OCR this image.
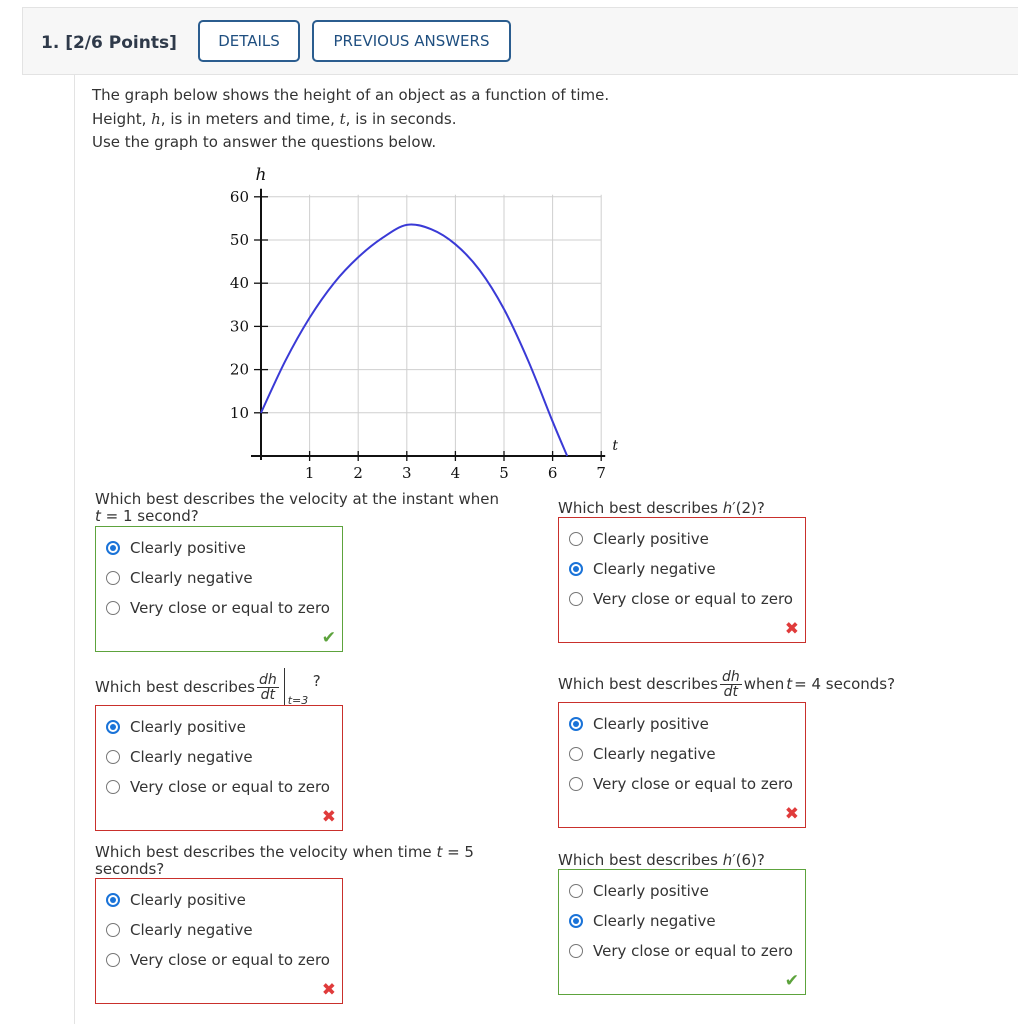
1. [2/6 Points]	DETAILS	PREVIOUS ANSWERS
The graph below shows the height of an object as a function of time.
Height, h, is in meters and time, t, is in seconds.
Use the graph to answer the questions below.
1	2	3	4	5	6	7
10
20
30
40
50
60
h
t
Which best describes the velocity at the instant when
t = 1 second?
Clearly positive
Clearly negative
Very close or equal to zero
✔
Which best describes h′(2)?
Clearly positive
Clearly negative
Very close or equal to zero
✖
Which best describes $\frac{dh}{dt} t=3$
?
Clearly positive
Clearly negative
Very close or equal to zero
✖
Which best describes $\frac{dh}{dt}$ when t = 4 seconds?
Clearly positive
Clearly negative
Very close or equal to zero
✖
Which best describes the velocity when time t = 5
seconds?
Clearly positive
Clearly negative
Very close or equal to zero
✖
Which best describes h′(6)?
Clearly positive
Clearly negative
Very close or equal to zero
✔
